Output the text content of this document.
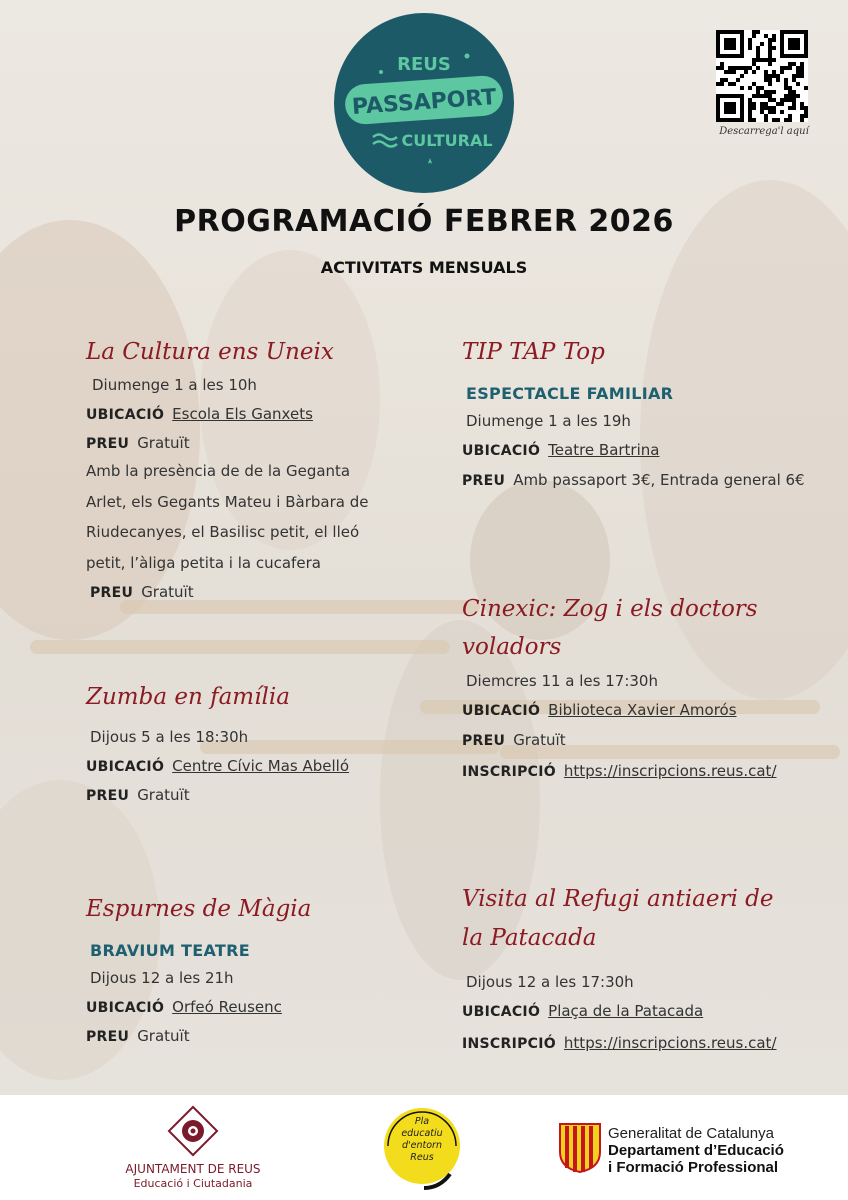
REUS
PASSAPORT
CULTURAL	Descarrega'l aquí
PROGRAMACIÓ FEBRER 2026
ACTIVITATS MENSUALS
La Cultura ens Uneix
Diumenge 1 a les 10h
UBICACIÓ Escola Els Ganxets
PREU Gratuït
Amb la presència de de la Geganta Arlet, els Gegants Mateu i Bàrbara de Riudecanyes, el Basilisc petit, el lleó petit, l’àliga petita i la cucafera
PREU Gratuït
TIP TAP Top
ESPECTACLE FAMILIAR
Diumenge 1 a les 19h
UBICACIÓ Teatre Bartrina
PREU Amb passaport 3€, Entrada general 6€
Zumba en família
Dijous 5 a les 18:30h
UBICACIÓ Centre Cívic Mas Abelló
PREU Gratuït
Cinexic: Zog i els doctors
voladors
Diemcres 11 a les 17:30h
UBICACIÓ Biblioteca Xavier Amorós
PREU Gratuït
INSCRIPCIÓ https://inscripcions.reus.cat/
Espurnes de Màgia
BRAVIUM TEATRE
Dijous 12 a les 21h
UBICACIÓ Orfeó Reusenc
PREU Gratuït
Visita al Refugi antiaeri de
la Patacada
Dijous 12 a les 17:30h
UBICACIÓ Plaça de la Patacada
INSCRIPCIÓ https://inscripcions.reus.cat/
AJUNTAMENT DE REUS
Educació i Ciutadania
Pla
educatiu
d'entorn
Reus
Generalitat de Catalunya
Departament d’Educació
i Formació Professional
